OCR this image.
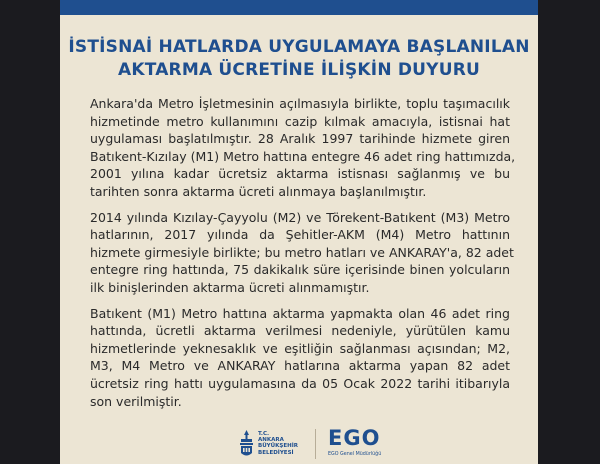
İSTİSNAİ HATLARDA UYGULAMAYA BAŞLANILAN
AKTARMA ÜCRETİNE İLİŞKİN DUYURU
Ankara'da Metro İşletmesinin açılmasıyla birlikte, toplu taşımacılık
hizmetinde metro kullanımını cazip kılmak amacıyla, istisnai hat
uygulaması başlatılmıştır. 28 Aralık 1997 tarihinde hizmete giren
Batıkent-Kızılay (M1) Metro hattına entegre 46 adet ring hattımızda,
2001 yılına kadar ücretsiz aktarma istisnası sağlanmış ve bu
tarihten sonra aktarma ücreti alınmaya başlanılmıştır.
2014 yılında Kızılay-Çayyolu (M2) ve Törekent-Batıkent (M3) Metro
hatlarının, 2017 yılında da Şehitler-AKM (M4) Metro hattının
hizmete girmesiyle birlikte; bu metro hatları ve ANKARAY'a, 82 adet
entegre ring hattında, 75 dakikalık süre içerisinde binen yolcuların
ilk binişlerinden aktarma ücreti alınmamıştır.
Batıkent (M1) Metro hattına aktarma yapmakta olan 46 adet ring
hattında, ücretli aktarma verilmesi nedeniyle, yürütülen kamu
hizmetlerinde yeknesaklık ve eşitliğin sağlanması açısından; M2,
M3, M4 Metro ve ANKARAY hatlarına aktarma yapan 82 adet
ücretsiz ring hattı uygulamasına da 05 Ocak 2022 tarihi itibarıyla
son verilmiştir.
T.C.
ANKARA
BÜYÜKŞEHİR
BELEDİYESİ
EGO
EGO Genel Müdürlüğü
